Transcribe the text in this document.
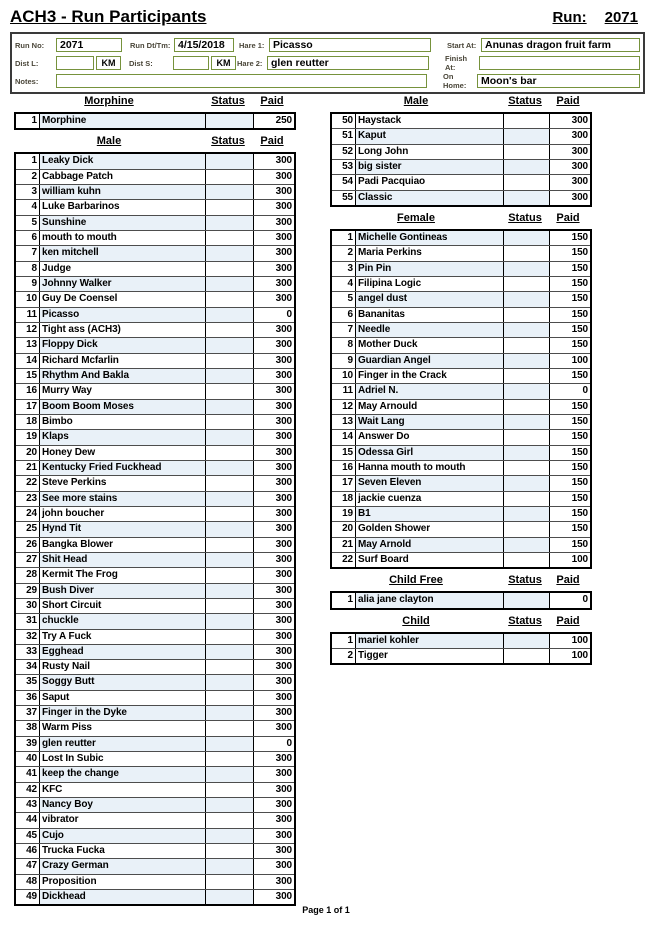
ACH3 - Run Participants	Run: 2071
Run No:	2071	Run Dt/Tm: 4/15/2018	Hare 1: Picasso	Start At: Anunas dragon fruit farm
Dist L:	KM	Dist S:	KM Hare 2: glen reutter	Finish At:
Notes:	On Home:	Moon's bar
Morphine	Status	Paid
1 Morphine	250
Male	Status	Paid
1 Leaky Dick	300
2 Cabbage Patch	300
3 william kuhn	300
4 Luke Barbarinos	300
5 Sunshine	300
6 mouth to mouth	300
7 ken mitchell	300
8 Judge	300
9 Johnny Walker	300
10 Guy De Coensel	300
11 Picasso	0
12 Tight ass (ACH3)	300
13 Floppy Dick	300
14 Richard Mcfarlin	300
15 Rhythm And Bakla	300
16 Murry Way	300
17 Boom Boom Moses	300
18 Bimbo	300
19 Klaps	300
20 Honey Dew	300
21 Kentucky Fried Fuckhead	300
22 Steve Perkins	300
23 See more stains	300
24 john boucher	300
25 Hynd Tit	300
26 Bangka Blower	300
27 Shit Head	300
28 Kermit The Frog	300
29 Bush Diver	300
30 Short Circuit	300
31 chuckle	300
32 Try A Fuck	300
33 Egghead	300
34 Rusty Nail	300
35 Soggy Butt	300
36 Saput	300
37 Finger in the Dyke	300
38 Warm Piss	300
39 glen reutter	0
40 Lost In Subic	300
41 keep the change	300
42 KFC	300
43 Nancy Boy	300
44 vibrator	300
45 Cujo	300
46 Trucka Fucka	300
47 Crazy German	300
48 Proposition	300
49 Dickhead	300
Male	Status	Paid
50 Haystack	300
51 Kaput	300
52 Long John	300
53 big sister	300
54 Padi Pacquiao	300
55 Classic	300
Female	Status	Paid
1 Michelle Gontineas	150
2 Maria Perkins	150
3 Pin Pin	150
4 Filipina Logic	150
5 angel dust	150
6 Bananitas	150
7 Needle	150
8 Mother Duck	150
9 Guardian Angel	100
10 Finger in the Crack	150
11 Adriel N.	0
12 May Arnould	150
13 Wait Lang	150
14 Answer Do	150
15 Odessa Girl	150
16 Hanna mouth to mouth	150
17 Seven Eleven	150
18 jackie cuenza	150
19 B1	150
20 Golden Shower	150
21 May Arnold	150
22 Surf Board	100
Child Free	Status	Paid
1 alia jane clayton	0
Child	Status	Paid
1 mariel kohler	100
2 Tigger	100
Page 1 of 1
